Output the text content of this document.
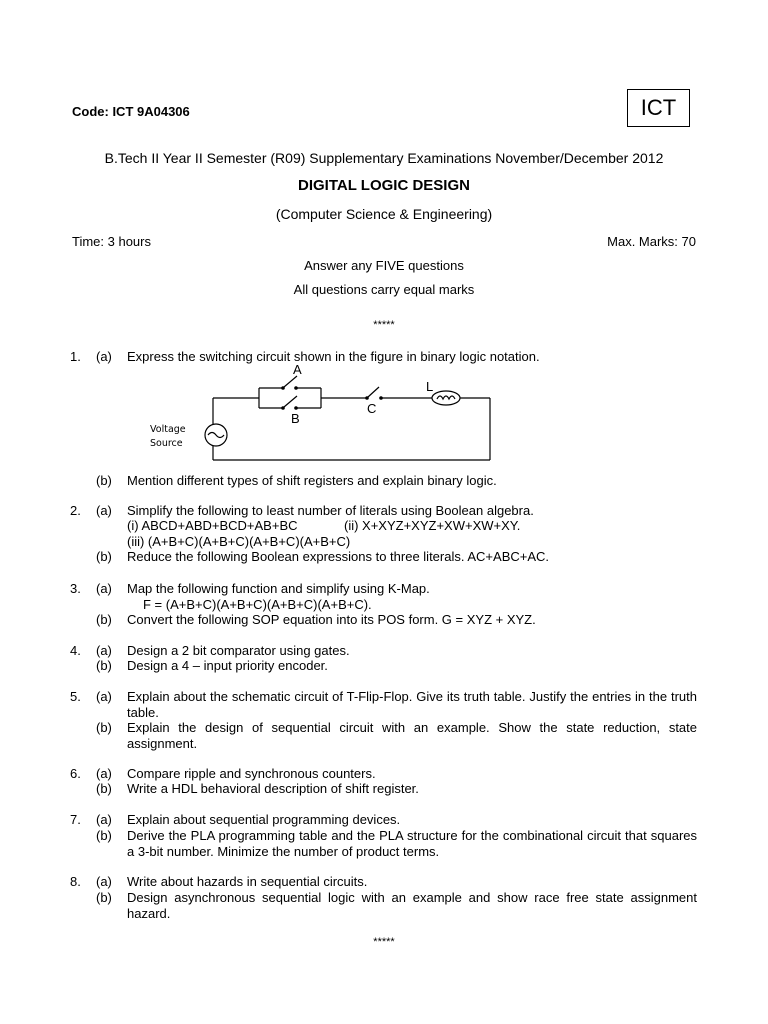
Code: ICT 9A04306	ICT
B.Tech II Year II Semester (R09) Supplementary Examinations November/December 2012
DIGITAL LOGIC DESIGN
(Computer Science & Engineering)
Time: 3 hours	Max. Marks: 70
Answer any FIVE questions
All questions carry equal marks
*****
1.	(a)	Express the switching circuit shown in the figure in binary logic notation.
A
B
C
L
Voltage
Source
(b)	Mention different types of shift registers and explain binary logic.
2.	(a)	Simplify the following to least number of literals using Boolean algebra.
(i) ABCD+ABD+BCD+AB+BC	(ii) X+XYZ+XYZ+XW+XW+XY.
(iii) (A+B+C)(A+B+C)(A+B+C)(A+B+C)
(b)	Reduce the following Boolean expressions to three literals. AC+ABC+AC.
3.	(a)	Map the following function and simplify using K-Map.
F = (A+B+C)(A+B+C)(A+B+C)(A+B+C).
(b)	Convert the following SOP equation into its POS form. G = XYZ + XYZ.
4.	(a)	Design a 2 bit comparator using gates.
(b)	Design a 4 – input priority encoder.
5.	(a)	Explain about the schematic circuit of T-Flip-Flop. Give its truth table. Justify the entries in the truth table.
(b)	Explain the design of sequential circuit with an example. Show the state reduction, state assignment.
6.	(a)	Compare ripple and synchronous counters.
(b)	Write a HDL behavioral description of shift register.
7.	(a)	Explain about sequential programming devices.
(b)	Derive the PLA programming table and the PLA structure for the combinational circuit that squares a 3-bit number. Minimize the number of product terms.
8.	(a)	Write about hazards in sequential circuits.
(b)	Design asynchronous sequential logic with an example and show race free state assignment hazard.
*****
